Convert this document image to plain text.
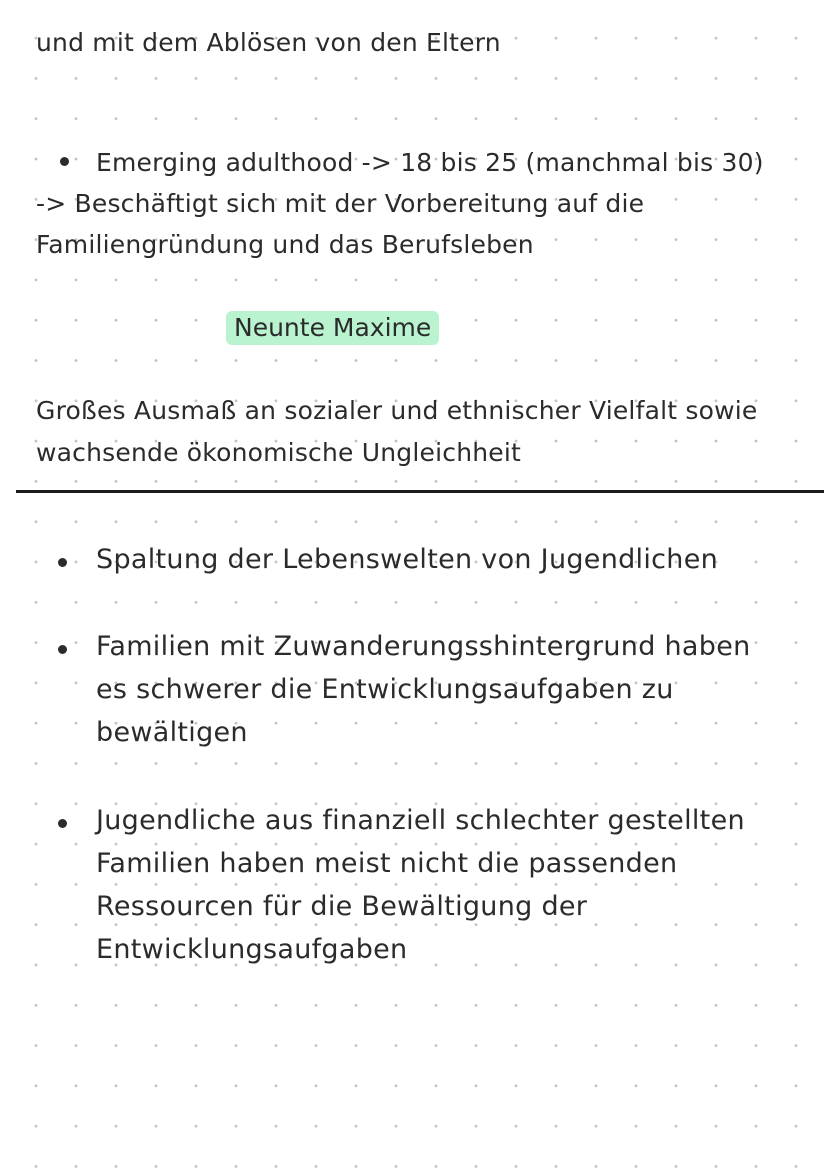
und mit dem Ablösen von den Eltern
Emerging adulthood -> 18 bis 25 (manchmal bis 30)
-> Beschäftigt sich mit der Vorbereitung auf die
Familiengründung und das Berufsleben
Neunte Maxime
Großes Ausmaß an sozialer und ethnischer Vielfalt sowie
wachsende ökonomische Ungleichheit
Spaltung der Lebenswelten von Jugendlichen
Familien mit Zuwanderungsshintergrund haben
es schwerer die Entwicklungsaufgaben zu
bewältigen
Jugendliche aus finanziell schlechter gestellten
Familien haben meist nicht die passenden
Ressourcen für die Bewältigung der
Entwicklungsaufgaben
